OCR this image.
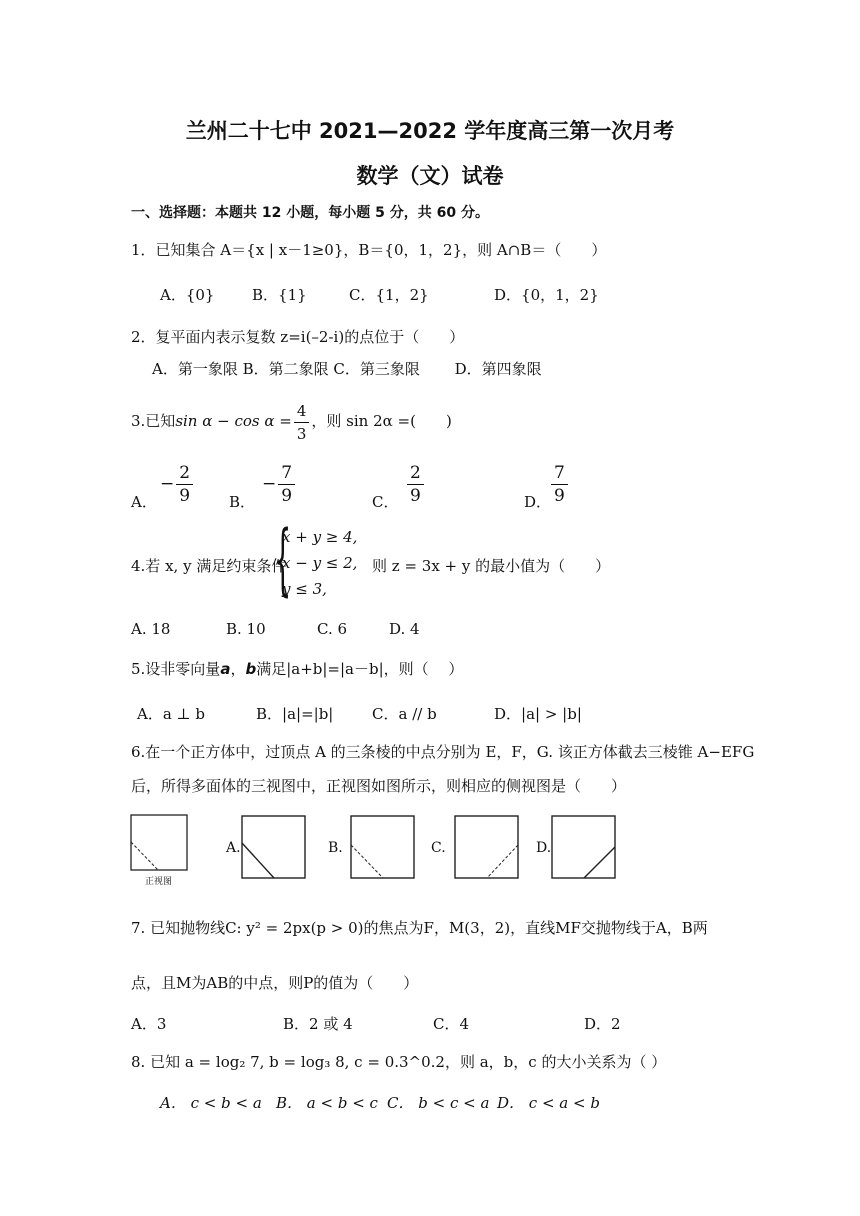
兰州二十七中 2021—2022 学年度高三第一次月考
数学（文）试卷
一、选择题：本题共 12 小题，每小题 5 分，共 60 分。
1．已知集合 A＝{x | x－1≥0}，B＝{0，1，2}，则 A∩B＝（　　）
A．{0}	B．{1}	C．{1，2}	D．{0，1，2}
2．复平面内表示复数 z=i(–2-i)的点位于（　　）
A．第一象限 B．第二象限 C．第三象限　　 D．第四象限
3.已知$\sin \alpha - \cos \alpha = \frac{4}{3}$ ，则 sin 2α =(　　)
A．
− $\frac{2}{9}$ B．
− $\frac{7}{9}$	C． $\frac{2}{9}$	D． $\frac{7}{9}$
4.若 x, y 满足约束条件
{
x + y ≥ 4,
x − y ≤ 2,
y ≤ 3,
则 z = 3x + y 的最小值为（　　）
A. 18	B. 10	C. 6	D. 4
5.设非零向量a，b满足|a+b|=|a－b|，则（　 ）
A．a ⊥ b	B．|a|=|b|	C．a // b	D．|a| > |b|
6.在一个正方体中，过顶点 A 的三条棱的中点分别为 E，F，G. 该正方体截去三棱锥 A−EFG
后，所得多面体的三视图中，正视图如图所示，则相应的侧视图是（　　）
正视图
A.	B.	C.	D.
7. 已知抛物线C: y² = 2px(p > 0)的焦点为F，M(3，2)，直线MF交抛物线于A，B两
点，且M为AB的中点，则P的值为（　　）
A．3	B．2 或 4	C．4	D．2
8. 已知 a = log₂ 7, b = log₃ 8, c = 0.3^0.2，则 a，b，c 的大小关系为（ ）
A． c < b < a B． a < b < c C． b < c < a D． c < a < b
